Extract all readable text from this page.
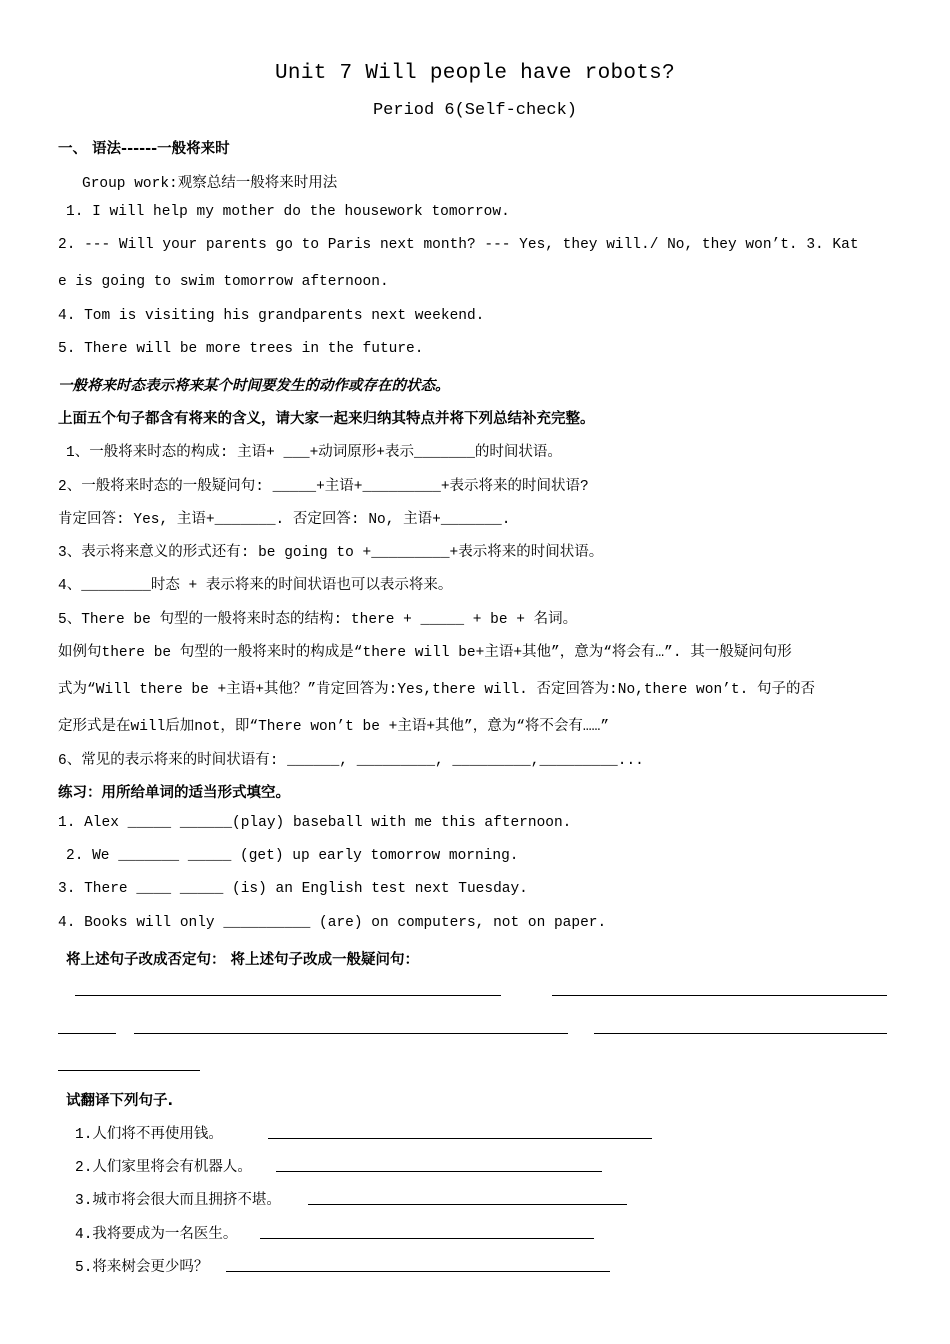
Unit 7 Will people have robots?
Period 6(Self-check)
一、 语法------一般将来时
Group work:观察总结一般将来时用法
1. I will help my mother do the housework tomorrow.
2. --- Will your parents go to Paris next month? --- Yes, they will./ No, they won’t. 3. Kat
e is going to swim tomorrow afternoon.
4. Tom is visiting his grandparents next weekend.
5. There will be more trees in the future.
一般将来时态表示将来某个时间要发生的动作或存在的状态。
上面五个句子都含有将来的含义，请大家一起来归纳其特点并将下列总结补充完整。
1、一般将来时态的构成: 主语+ ___+动词原形+表示_______的时间状语。
2、一般将来时态的一般疑问句: _____+主语+_________+表示将来的时间状语?
肯定回答: Yes, 主语+_______. 否定回答: No, 主语+_______.
3、表示将来意义的形式还有: be going to +_________+表示将来的时间状语。
4、________时态 + 表示将来的时间状语也可以表示将来。
5、There be 句型的一般将来时态的结构: there + _____ + be + 名词。
如例句there be 句型的一般将来时的构成是“there will be+主语+其他”，意为“将会有…”. 其一般疑问句形
式为“Will there be +主语+其他？”肯定回答为:Yes,there will. 否定回答为:No,there won’t. 句子的否
定形式是在will后加not，即“There won’t be +主语+其他”，意为“将不会有……”
6、常见的表示将来的时间状语有: ______, _________, _________,_________...
练习：用所给单词的适当形式填空。
1. Alex _____ ______(play) baseball with me this afternoon.
2. We _______ _____ (get) up early tomorrow morning.
3. There ____ _____ (is) an English test next Tuesday.
4. Books will only __________ (are) on computers, not on paper.
将上述句子改成否定句： 将上述句子改成一般疑问句：
试翻译下列句子.
1.人们将不再使用钱。
2.人们家里将会有机器人。
3.城市将会很大而且拥挤不堪。
4.我将要成为一名医生。
5.将来树会更少吗？
